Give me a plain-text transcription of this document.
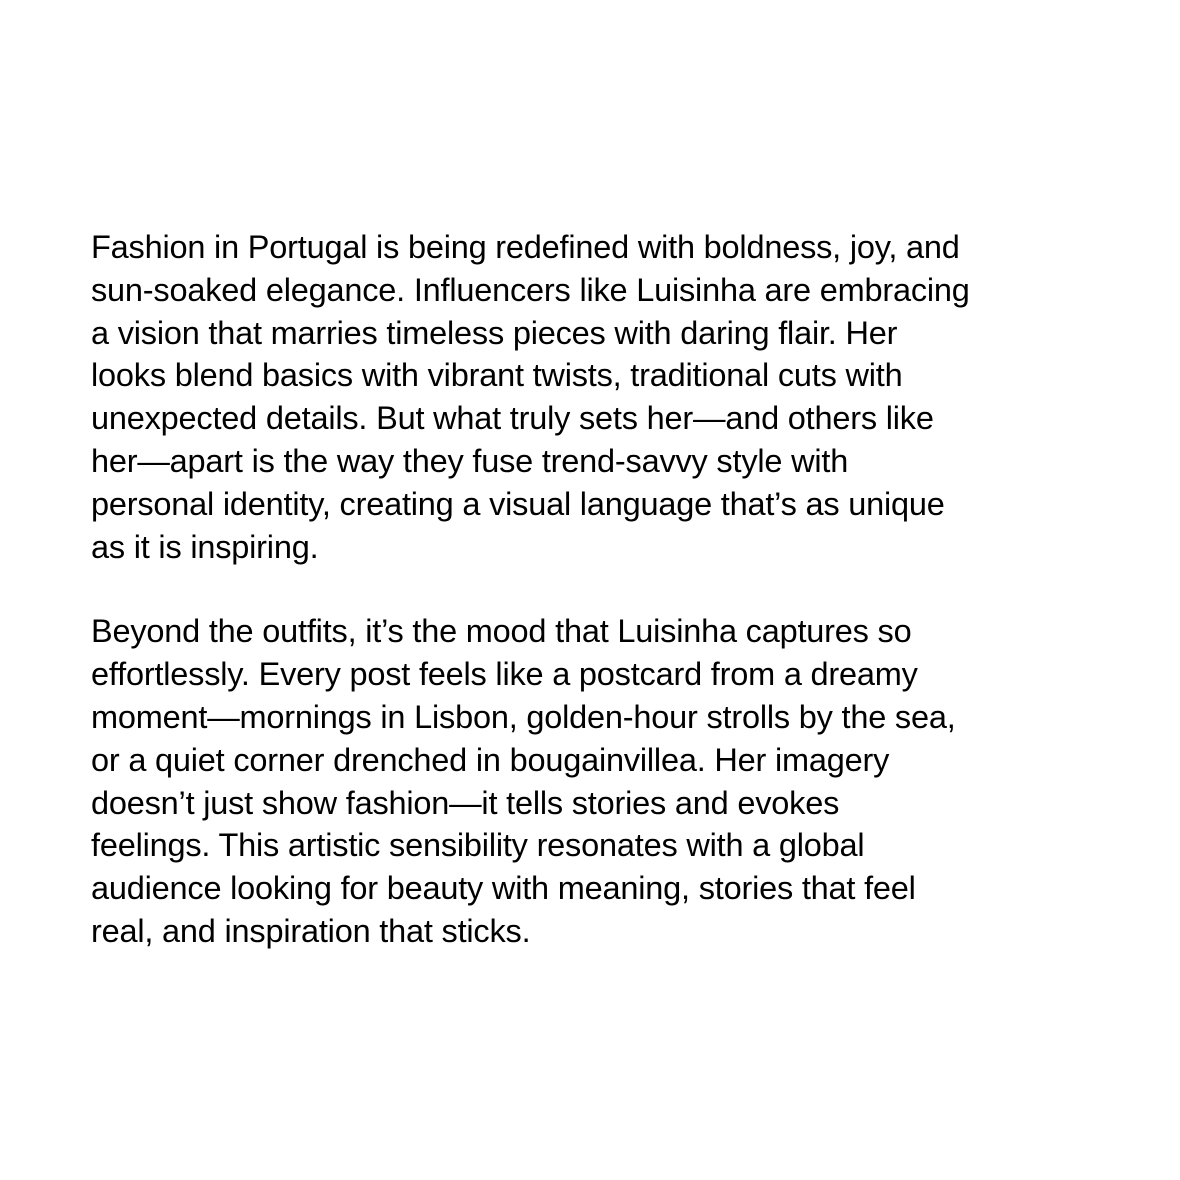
Fashion in Portugal is being redefined with boldness, joy, and
sun-soaked elegance. Influencers like Luisinha are embracing
a vision that marries timeless pieces with daring flair. Her
looks blend basics with vibrant twists, traditional cuts with
unexpected details. But what truly sets her—and others like
her—apart is the way they fuse trend-savvy style with
personal identity, creating a visual language that’s as unique
as it is inspiring.

Beyond the outfits, it’s the mood that Luisinha captures so
effortlessly. Every post feels like a postcard from a dreamy
moment—mornings in Lisbon, golden-hour strolls by the sea,
or a quiet corner drenched in bougainvillea. Her imagery
doesn’t just show fashion—it tells stories and evokes
feelings. This artistic sensibility resonates with a global
audience looking for beauty with meaning, stories that feel
real, and inspiration that sticks.
